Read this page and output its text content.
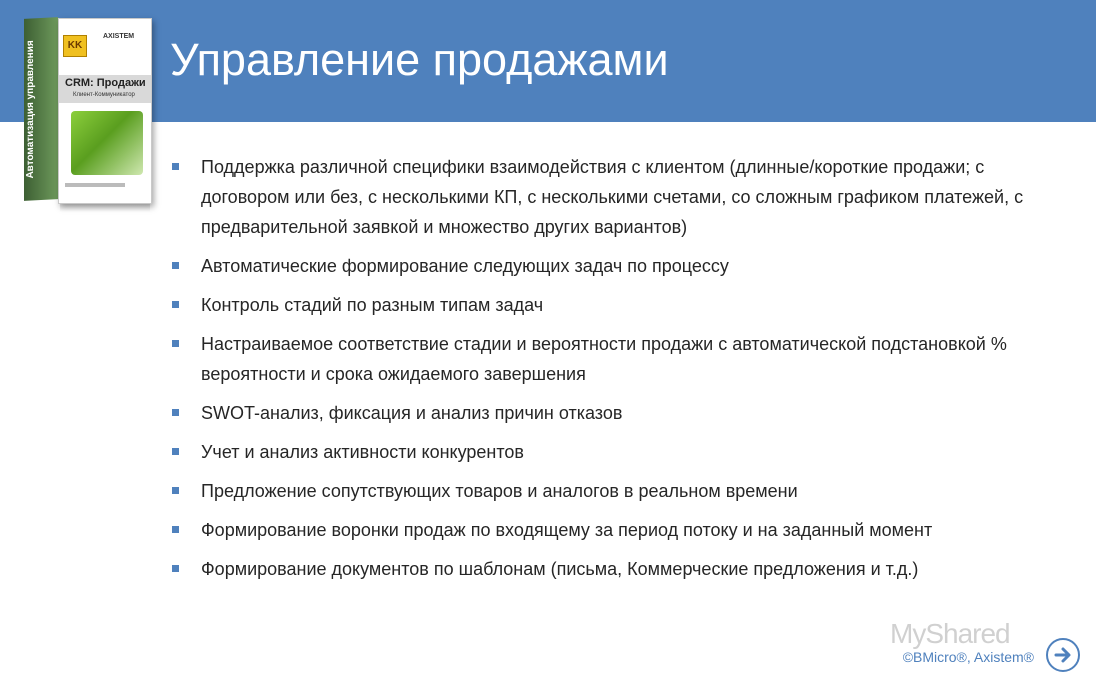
Управление продажами
Автоматизация управления	KK
AXISTEM
CRM: Продажи
Клиент-Коммуникатор
Поддержка различной специфики взаимодействия с клиентом (длинные/короткие продажи; с договором или без, с несколькими КП, с несколькими счетами, со сложным графиком платежей, с предварительной заявкой и множество других вариантов)
Автоматические формирование следующих задач по процессу
Контроль стадий по разным типам задач
Настраиваемое соответствие стадии и вероятности продажи с автоматической подстановкой % вероятности и срока ожидаемого завершения
SWOT-анализ, фиксация и анализ причин отказов
Учет и анализ активности конкурентов
Предложение сопутствующих товаров и аналогов в реальном времени
Формирование воронки продаж по входящему за период потоку и на заданный момент
Формирование документов по шаблонам (письма, Коммерческие предложения и т.д.)
MyShared
©BMicro®, Axistem®
